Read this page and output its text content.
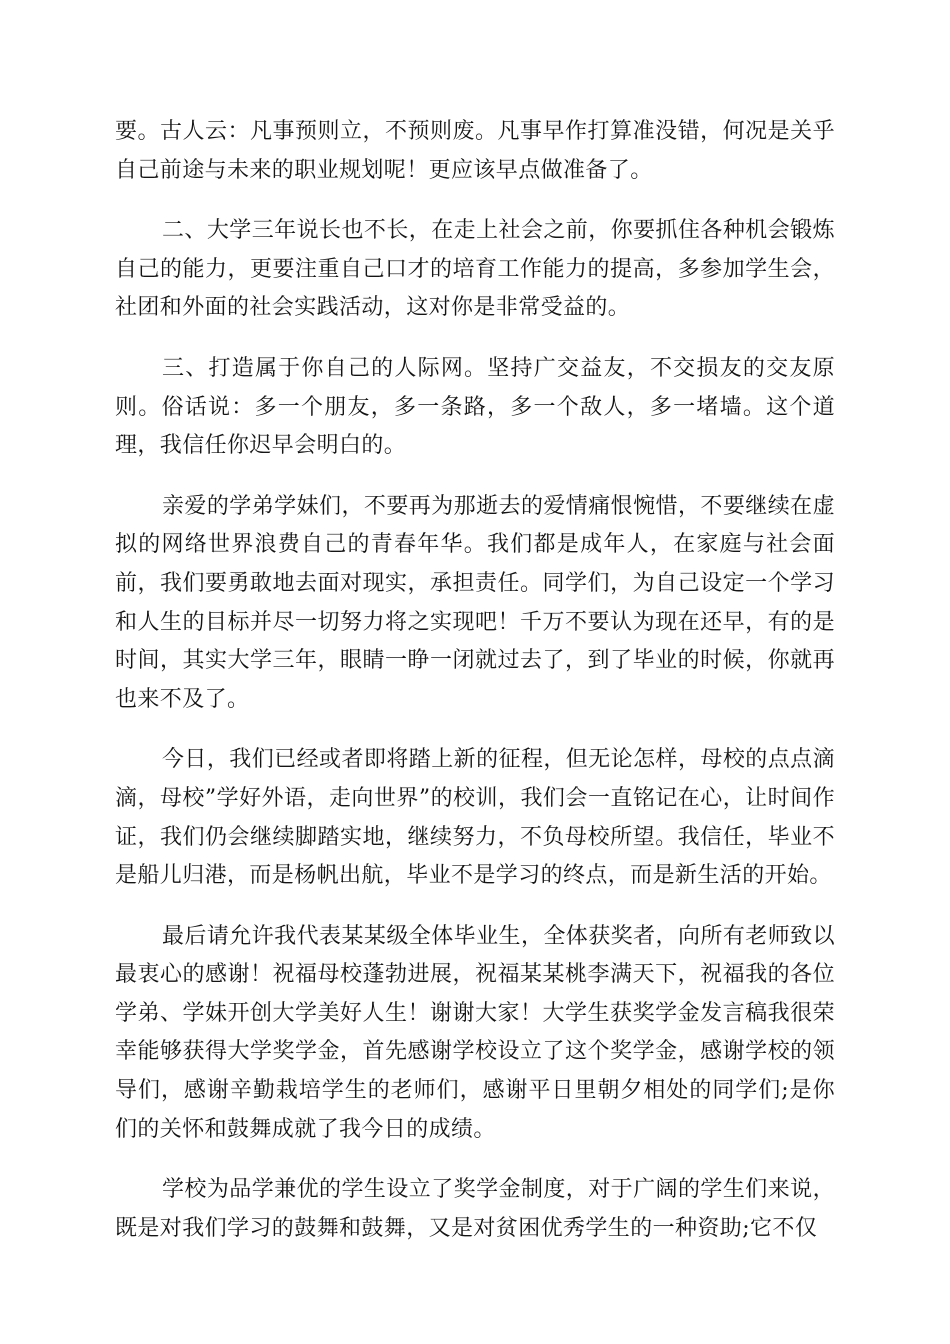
要。古人云：凡事预则立，不预则废。凡事早作打算准没错，何况是关乎自己前途与未来的职业规划呢！更应该早点做准备了。

二、大学三年说长也不长，在走上社会之前，你要抓住各种机会锻炼自己的能力，更要注重自己口才的培育工作能力的提高，多参加学生会，社团和外面的社会实践活动，这对你是非常受益的。

三、打造属于你自己的人际网。坚持广交益友，不交损友的交友原则。俗话说：多一个朋友，多一条路，多一个敌人，多一堵墙。这个道理，我信任你迟早会明白的。

亲爱的学弟学妹们，不要再为那逝去的爱情痛恨惋惜，不要继续在虚拟的网络世界浪费自己的青春年华。我们都是成年人，在家庭与社会面前，我们要勇敢地去面对现实，承担责任。同学们，为自己设定一个学习和人生的目标并尽一切努力将之实现吧！千万不要认为现在还早，有的是时间，其实大学三年，眼睛一睁一闭就过去了，到了毕业的时候，你就再也来不及了。

今日，我们已经或者即将踏上新的征程，但无论怎样，母校的点点滴滴，母校”学好外语，走向世界”的校训，我们会一直铭记在心，让时间作证，我们仍会继续脚踏实地，继续努力，不负母校所望。我信任，毕业不是船儿归港，而是杨帆出航，毕业不是学习的终点，而是新生活的开始。

最后请允许我代表某某级全体毕业生，全体获奖者，向所有老师致以最衷心的感谢！祝福母校蓬勃进展，祝福某某桃李满天下，祝福我的各位学弟、学妹开创大学美好人生！谢谢大家！大学生获奖学金发言稿我很荣幸能够获得大学奖学金，首先感谢学校设立了这个奖学金，感谢学校的领导们，感谢辛勤栽培学生的老师们，感谢平日里朝夕相处的同学们;是你们的关怀和鼓舞成就了我今日的成绩。

学校为品学兼优的学生设立了奖学金制度，对于广阔的学生们来说，既是对我们学习的鼓舞和鼓舞，又是对贫困优秀学生的一种资助;它不仅
